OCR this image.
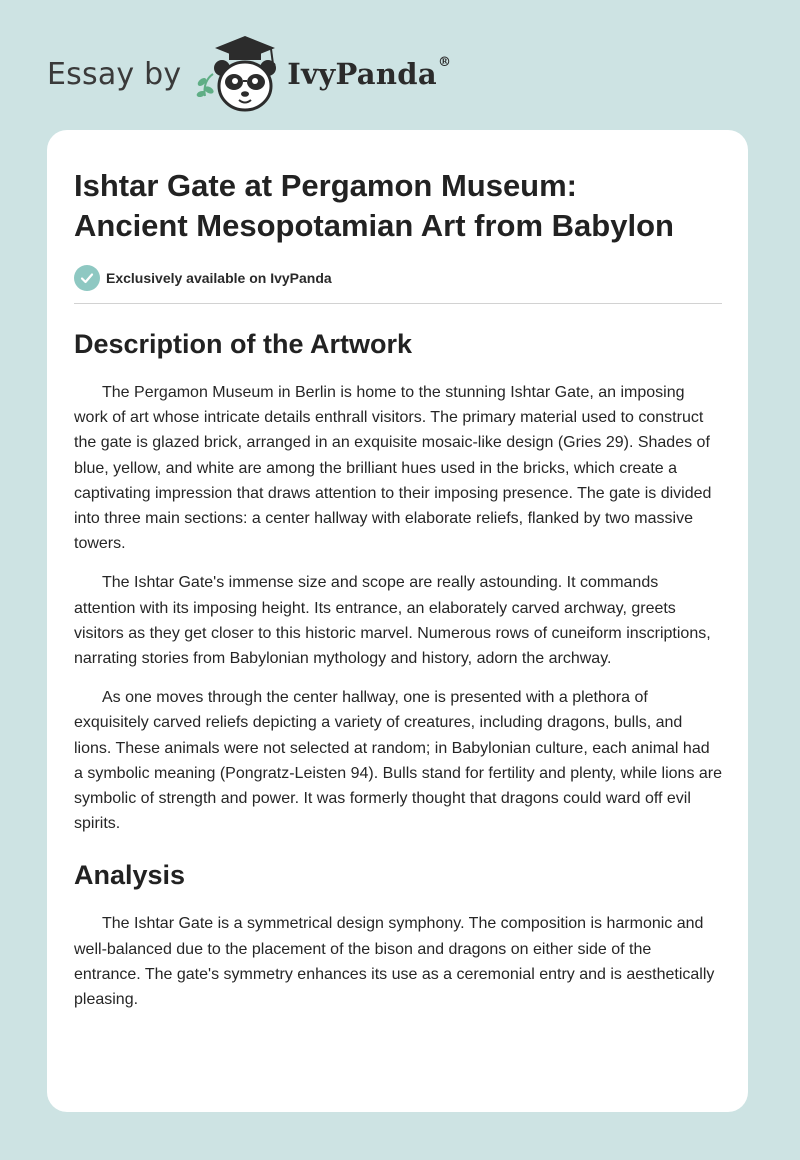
Essay by	IvyPanda®
Ishtar Gate at Pergamon Museum:
Ancient Mesopotamian Art from Babylon
Exclusively available on IvyPanda
Description of the Artwork

The Pergamon Museum in Berlin is home to the stunning Ishtar Gate, an imposing work of art whose intricate details enthrall visitors. The primary material used to construct the gate is glazed brick, arranged in an exquisite mosaic-like design (Gries 29). Shades of blue, yellow, and white are among the brilliant hues used in the bricks, which create a captivating impression that draws attention to their imposing presence. The gate is divided into three main sections: a center hallway with elaborate reliefs, flanked by two massive towers.

The Ishtar Gate's immense size and scope are really astounding. It commands attention with its imposing height. Its entrance, an elaborately carved archway, greets visitors as they get closer to this historic marvel. Numerous rows of cuneiform inscriptions, narrating stories from Babylonian mythology and history, adorn the archway.

As one moves through the center hallway, one is presented with a plethora of exquisitely carved reliefs depicting a variety of creatures, including dragons, bulls, and lions. These animals were not selected at random; in Babylonian culture, each animal had a symbolic meaning (Pongratz-Leisten 94). Bulls stand for fertility and plenty, while lions are symbolic of strength and power. It was formerly thought that dragons could ward off evil spirits.

Analysis

The Ishtar Gate is a symmetrical design symphony. The composition is harmonic and well-balanced due to the placement of the bison and dragons on either side of the entrance. The gate's symmetry enhances its use as a ceremonial entry and is aesthetically pleasing.
